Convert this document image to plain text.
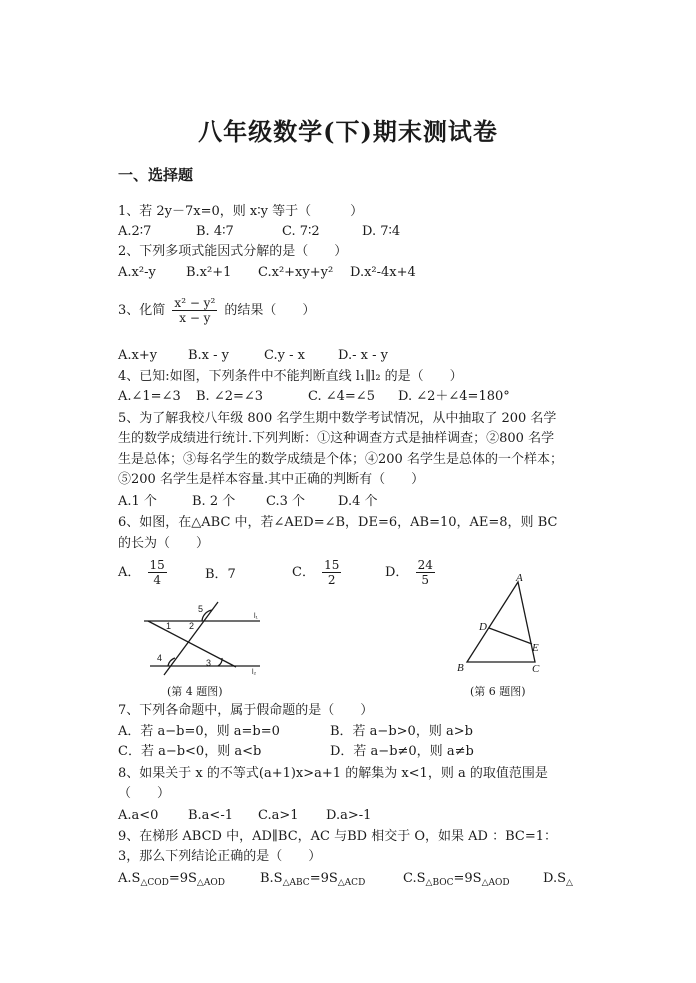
八年级数学(下)期末测试卷
一、选择题
1、若 2y－7x=0，则 x∶y 等于（　　　）
A.2∶7	B. 4∶7	C. 7∶2	D. 7∶4
2、下列多项式能因式分解的是（　　）
A.x²-y B.x²+1 C.x²+xy+y² D.x²-4x+4
3、化简 $\frac{\text{x² − y²}}{x - y}$ 的结果（　　）
A.x+y B.x - y	C.y - x	D.- x - y
4、已知:如图，下列条件中不能判断直线 l₁∥l₂ 的是（　　）
A.∠1=∠3 B. ∠2=∠3	C. ∠4=∠5 D. ∠2＋∠4=180°
5、为了解我校八年级 800 名学生期中数学考试情况，从中抽取了 200 名学
生的数学成绩进行统计.下列判断：①这种调查方式是抽样调查；②800 名学
生是总体；③每名学生的数学成绩是个体；④200 名学生是总体的一个样本；
⑤200 名学生是样本容量.其中正确的判断有（　　）
A.1 个	B. 2 个 C.3 个	D.4 个
6、如图，在△ABC 中，若∠AED=∠B，DE=6，AB=10，AE=8，则 BC
的长为（　　）
A． $\frac{15}{4}$	B．7	C． $\frac{15}{2}$	D． $\frac{24}{5}$
5
1 2
4	3
l₁
l₂
(第 4 题图)
A
D
E
B	C
(第 6 题图)
7、下列各命题中，属于假命题的是（　　）
A．若 a−b=0，则 a=b=0	B．若 a−b>0，则 a>b
C．若 a−b<0，则 a<b	D．若 a−b≠0，则 a≠b
8、如果关于 x 的不等式(a+1)x>a+1 的解集为 x<1，则 a 的取值范围是
（　　）
A.a<0 B.a<-1 C.a>1 D.a>-1
9、在梯形 ABCD 中，AD∥BC，AC 与BD 相交于 O，如果 AD ：BC=1：
3，那么下列结论正确的是（　　）
$A.S_{\triangle COD}=9S_{\triangle AOD}$	$B.S_{\triangle ABC}=9S_{\triangle ACD}$	$C.S_{\triangle BOC}=9S_{\triangle AOD}$	$D.S_\triangle$
